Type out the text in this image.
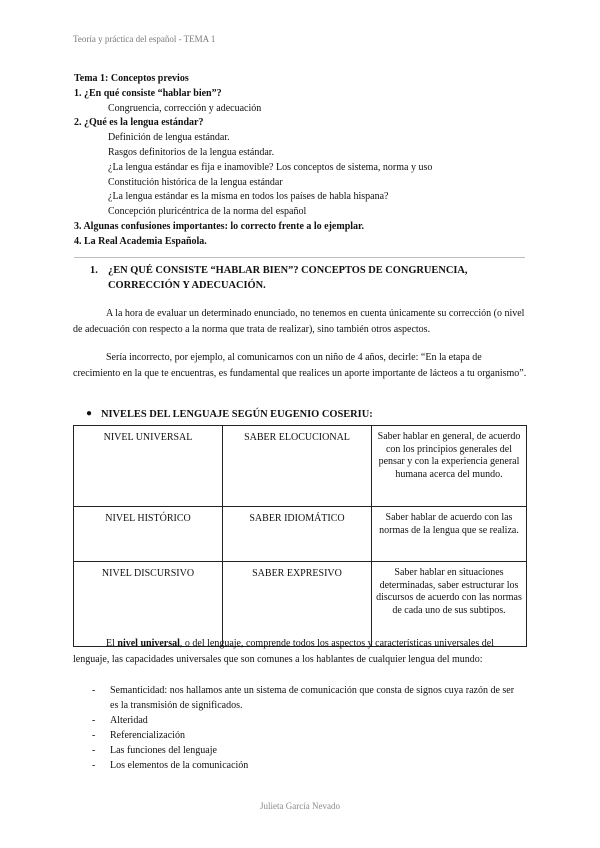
Teoría y práctica del español - TEMA 1
Tema 1: Conceptos previos
1. ¿En qué consiste “hablar bien”?
Congruencia, corrección y adecuación
2. ¿Qué es la lengua estándar?
Definición de lengua estándar.
Rasgos definitorios de la lengua estándar.
¿La lengua estándar es fija e inamovible? Los conceptos de sistema, norma y uso
Constitución histórica de la lengua estándar
¿La lengua estándar es la misma en todos los países de habla hispana?
Concepción pluricéntrica de la norma del español
3. Algunas confusiones importantes: lo correcto frente a lo ejemplar.
4. La Real Academia Española.
1. ¿EN QUÉ CONSISTE “HABLAR BIEN”? CONCEPTOS DE CONGRUENCIA, CORRECCIÓN Y ADECUACIÓN.
A la hora de evaluar un determinado enunciado, no tenemos en cuenta únicamente su corrección (o nivel de adecuación con respecto a la norma que trata de realizar), sino también otros aspectos.
Sería incorrecto, por ejemplo, al comunicarnos con un niño de 4 años, decirle: “En la etapa de crecimiento en la que te encuentras, es fundamental que realices un aporte importante de lácteos a tu organismo”.
● NIVELES DEL LENGUAJE SEGÚN EUGENIO COSERIU:
NIVEL UNIVERSAL	SABER ELOCUCIONAL	Saber hablar en general, de acuerdo con los principios generales del pensar y con la experiencia general humana acerca del mundo.
NIVEL HISTÓRICO	SABER IDIOMÁTICO	Saber hablar de acuerdo con las normas de la lengua que se realiza.
NIVEL DISCURSIVO	SABER EXPRESIVO	Saber hablar en situaciones determinadas, saber estructurar los discursos de acuerdo con las normas de cada uno de sus subtipos.
El nivel universal, o del lenguaje, comprende todos los aspectos y características universales del lenguaje, las capacidades universales que son comunes a los hablantes de cualquier lengua del mundo:
- Semanticidad: nos hallamos ante un sistema de comunicación que consta de signos cuya razón de ser es la transmisión de significados.
- Alteridad
- Referencialización
- Las funciones del lenguaje
- Los elementos de la comunicación
Julieta García Nevado
